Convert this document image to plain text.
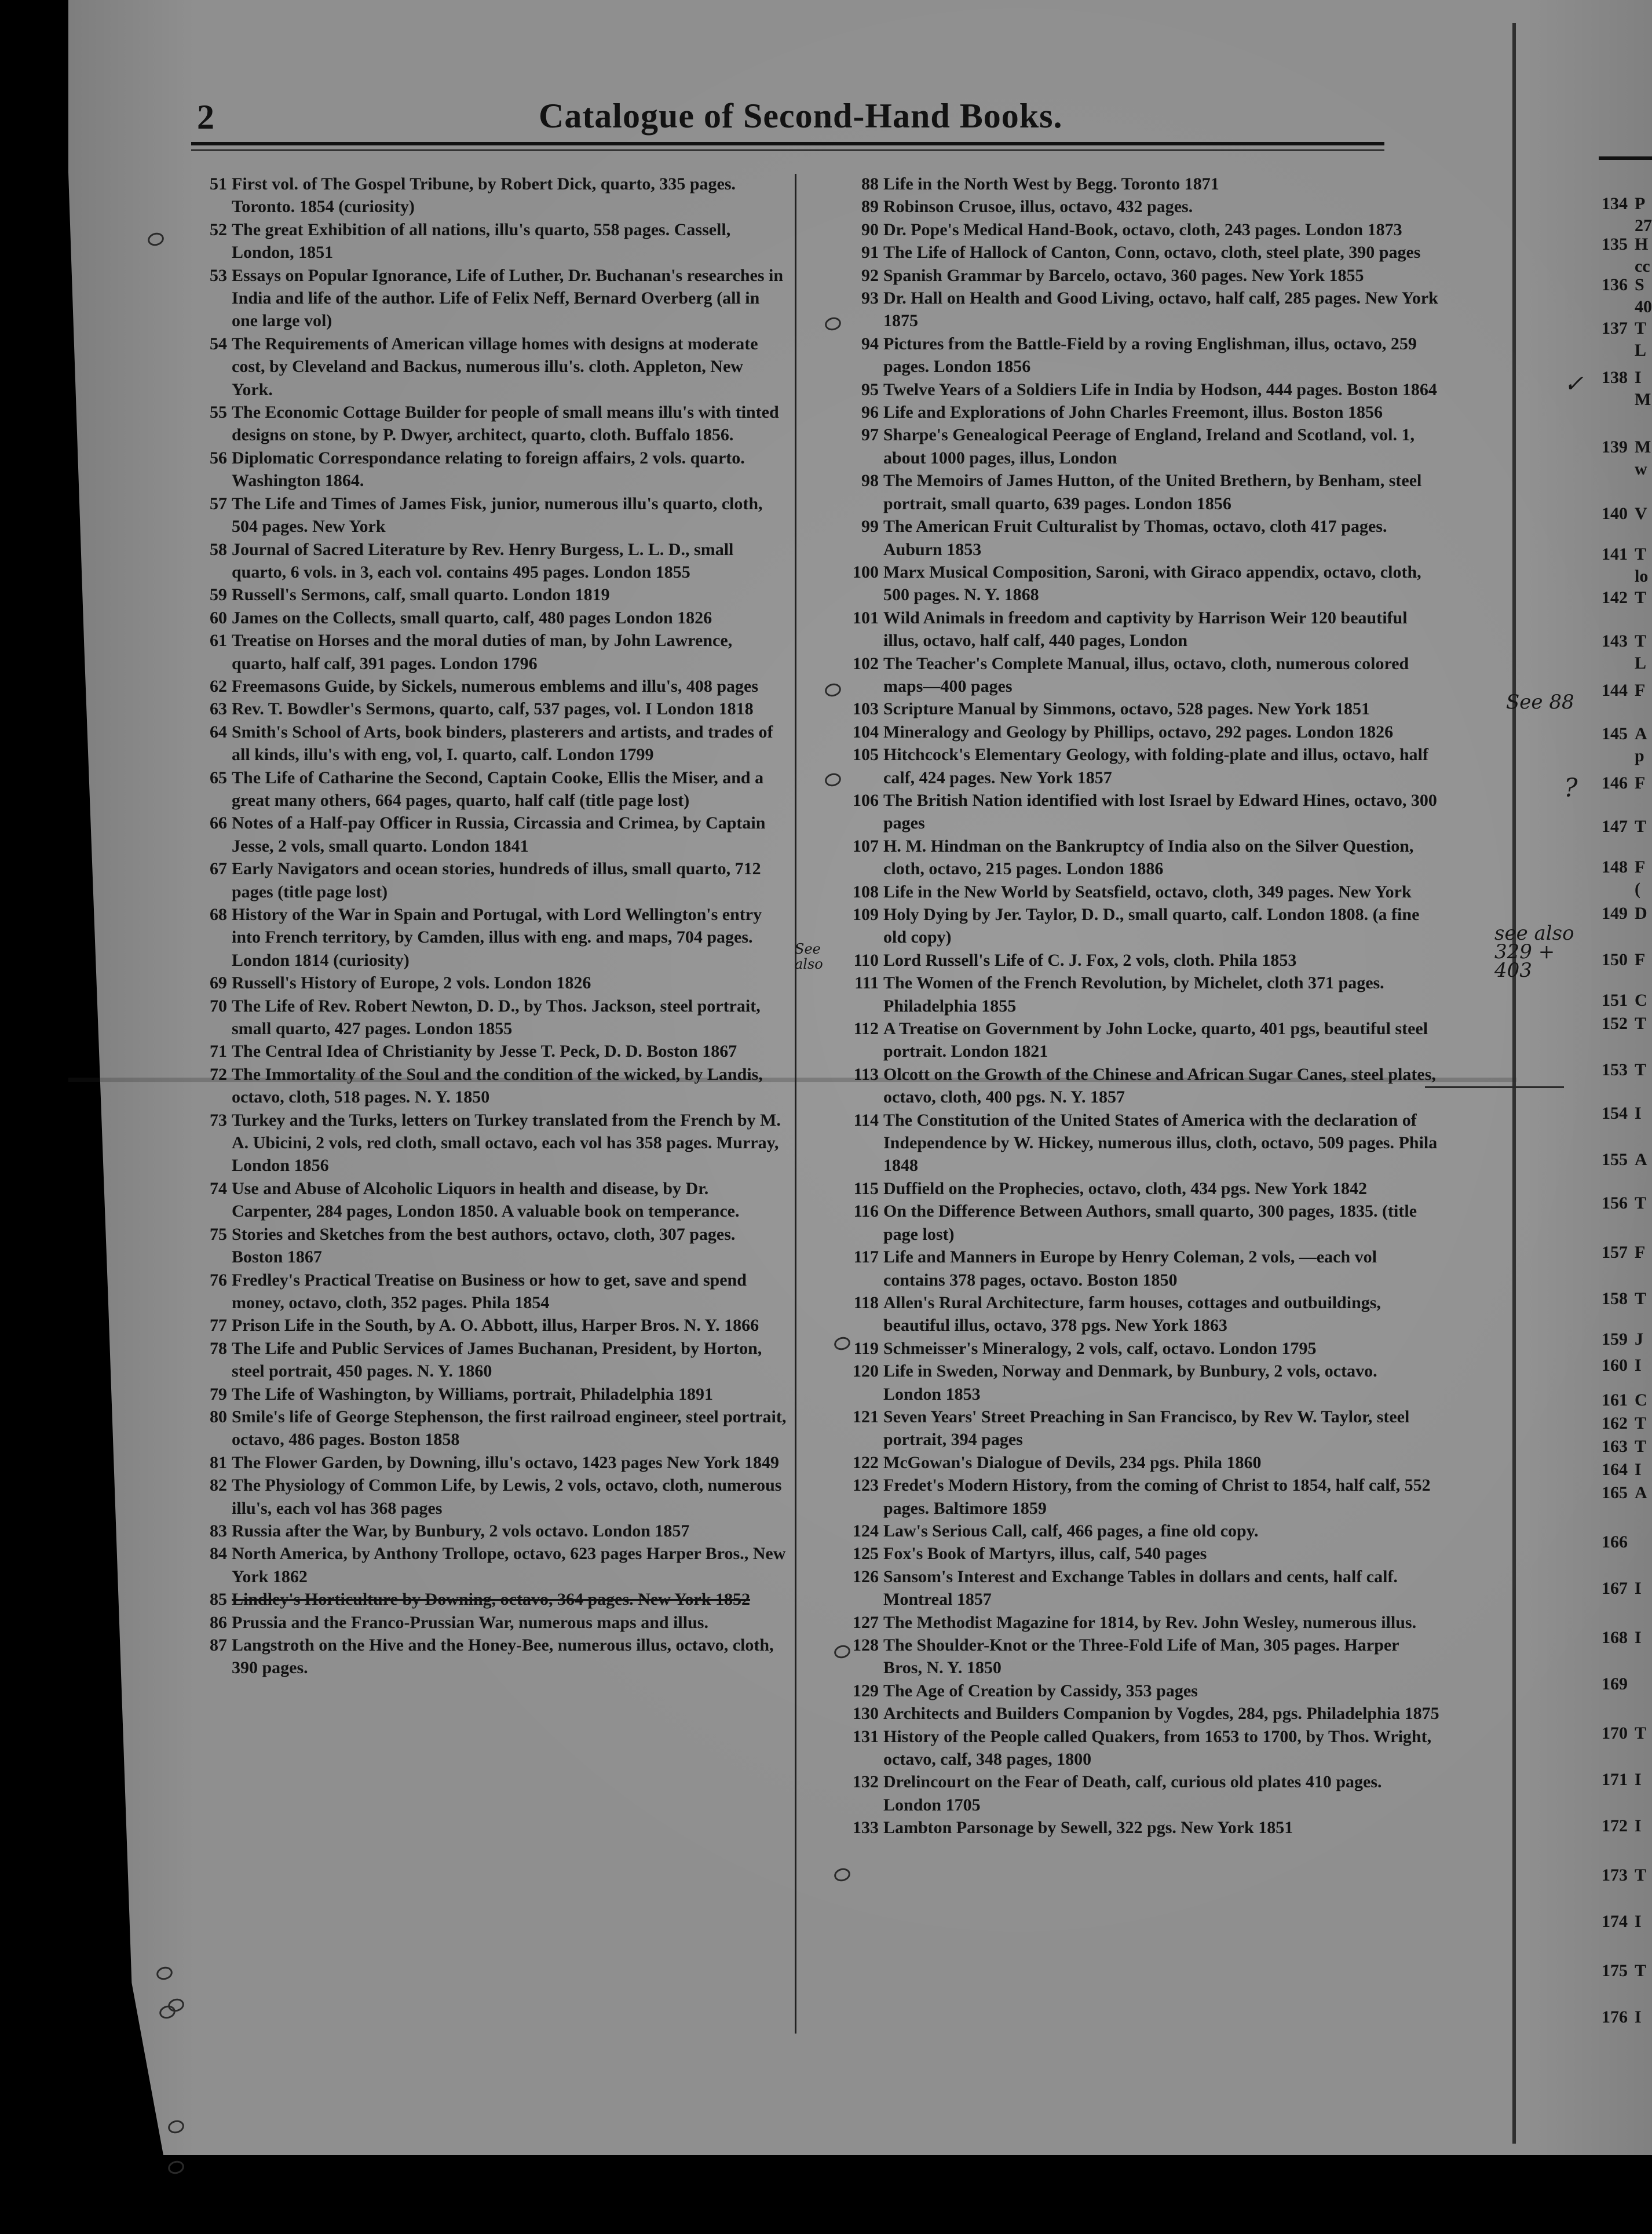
2	Catalogue of Second-Hand Books.
51 First vol. of The Gospel Tribune, by Robert Dick, quarto, 335 pages. Toronto. 1854 (curiosity)
52 The great Exhibition of all nations, illu's quarto, 558 pages. Cassell, London, 1851
53 Essays on Popular Ignorance, Life of Luther, Dr. Buchanan's researches in India and life of the author. Life of Felix Neff, Bernard Overberg (all in one large vol)
54 The Requirements of American village homes with designs at moderate cost, by Cleveland and Backus, numerous illu's. cloth. Appleton, New York.
55 The Economic Cottage Builder for people of small means illu's with tinted designs on stone, by P. Dwyer, architect, quarto, cloth. Buffalo 1856.
56 Diplomatic Correspondance relating to foreign affairs, 2 vols. quarto. Washington 1864.
57 The Life and Times of James Fisk, junior, numerous illu's quarto, cloth, 504 pages. New York
58 Journal of Sacred Literature by Rev. Henry Burgess, L. L. D., small quarto, 6 vols. in 3, each vol. contains 495 pages. London 1855
59 Russell's Sermons, calf, small quarto. London 1819
60 James on the Collects, small quarto, calf, 480 pages London 1826
61 Treatise on Horses and the moral duties of man, by John Lawrence, quarto, half calf, 391 pages. London 1796
62 Freemasons Guide, by Sickels, numerous emblems and illu's, 408 pages
63 Rev. T. Bowdler's Sermons, quarto, calf, 537 pages, vol. I London 1818
64 Smith's School of Arts, book binders, plasterers and artists, and trades of all kinds, illu's with eng, vol, I. quarto, calf. London 1799
65 The Life of Catharine the Second, Captain Cooke, Ellis the Miser, and a great many others, 664 pages, quarto, half calf (title page lost)
66 Notes of a Half-pay Officer in Russia, Circassia and Crimea, by Captain Jesse, 2 vols, small quarto. London 1841
67 Early Navigators and ocean stories, hundreds of illus, small quarto, 712 pages (title page lost)
68 History of the War in Spain and Portugal, with Lord Wellington's entry into French territory, by Camden, illus with eng. and maps, 704 pages. London 1814 (curiosity)
69 Russell's History of Europe, 2 vols. London 1826
70 The Life of Rev. Robert Newton, D. D., by Thos. Jackson, steel portrait, small quarto, 427 pages. London 1855
71 The Central Idea of Christianity by Jesse T. Peck, D. D. Boston 1867
72 The Immortality of the Soul and the condition of the wicked, by Landis, octavo, cloth, 518 pages. N. Y. 1850
73 Turkey and the Turks, letters on Turkey translated from the French by M. A. Ubicini, 2 vols, red cloth, small octavo, each vol has 358 pages. Murray, London 1856
74 Use and Abuse of Alcoholic Liquors in health and disease, by Dr. Carpenter, 284 pages, London 1850. A valuable book on temperance.
75 Stories and Sketches from the best authors, octavo, cloth, 307 pages. Boston 1867
76 Fredley's Practical Treatise on Business or how to get, save and spend money, octavo, cloth, 352 pages. Phila 1854
77 Prison Life in the South, by A. O. Abbott, illus, Harper Bros. N. Y. 1866
78 The Life and Public Services of James Buchanan, President, by Horton, steel portrait, 450 pages. N. Y. 1860
79 The Life of Washington, by Williams, portrait, Philadelphia 1891
80 Smile's life of George Stephenson, the first railroad engineer, steel portrait, octavo, 486 pages. Boston 1858
81 The Flower Garden, by Downing, illu's octavo, 1423 pages New York 1849
82 The Physiology of Common Life, by Lewis, 2 vols, octavo, cloth, numerous illu's, each vol has 368 pages
83 Russia after the War, by Bunbury, 2 vols octavo. London 1857
84 North America, by Anthony Trollope, octavo, 623 pages Harper Bros., New York 1862
85 Lindley's Horticulture by Downing, octavo, 364 pages. New York 1852
86 Prussia and the Franco-Prussian War, numerous maps and illus.
87 Langstroth on the Hive and the Honey-Bee, numerous illus, octavo, cloth, 390 pages.
88 Life in the North West by Begg. Toronto 1871
89 Robinson Crusoe, illus, octavo, 432 pages.
90 Dr. Pope's Medical Hand-Book, octavo, cloth, 243 pages. London 1873
91 The Life of Hallock of Canton, Conn, octavo, cloth, steel plate, 390 pages
92 Spanish Grammar by Barcelo, octavo, 360 pages. New York 1855
93 Dr. Hall on Health and Good Living, octavo, half calf, 285 pages. New York 1875
94 Pictures from the Battle-Field by a roving Englishman, illus, octavo, 259 pages. London 1856
95 Twelve Years of a Soldiers Life in India by Hodson, 444 pages. Boston 1864
96 Life and Explorations of John Charles Freemont, illus. Boston 1856
97 Sharpe's Genealogical Peerage of England, Ireland and Scotland, vol. 1, about 1000 pages, illus, London
98 The Memoirs of James Hutton, of the United Brethern, by Benham, steel portrait, small quarto, 639 pages. London 1856
99 The American Fruit Culturalist by Thomas, octavo, cloth 417 pages. Auburn 1853
100 Marx Musical Composition, Saroni, with Giraco appendix, octavo, cloth, 500 pages. N. Y. 1868
101 Wild Animals in freedom and captivity by Harrison Weir 120 beautiful illus, octavo, half calf, 440 pages, London
102 The Teacher's Complete Manual, illus, octavo, cloth, numerous colored maps—400 pages
103 Scripture Manual by Simmons, octavo, 528 pages. New York 1851
104 Mineralogy and Geology by Phillips, octavo, 292 pages. London 1826
105 Hitchcock's Elementary Geology, with folding-plate and illus, octavo, half calf, 424 pages. New York 1857
106 The British Nation identified with lost Israel by Edward Hines, octavo, 300 pages
107 H. M. Hindman on the Bankruptcy of India also on the Silver Question, cloth, octavo, 215 pages. London 1886
108 Life in the New World by Seatsfield, octavo, cloth, 349 pages. New York
109 Holy Dying by Jer. Taylor, D. D., small quarto, calf. London 1808. (a fine old copy)
110 Lord Russell's Life of C. J. Fox, 2 vols, cloth. Phila 1853
111 The Women of the French Revolution, by Michelet, cloth 371 pages. Philadelphia 1855
112 A Treatise on Government by John Locke, quarto, 401 pgs, beautiful steel portrait. London 1821
113 Olcott on the Growth of the Chinese and African Sugar Canes, steel plates, octavo, cloth, 400 pgs. N. Y. 1857
114 The Constitution of the United States of America with the declaration of Independence by W. Hickey, numerous illus, cloth, octavo, 509 pages. Phila 1848
115 Duffield on the Prophecies, octavo, cloth, 434 pgs. New York 1842
116 On the Difference Between Authors, small quarto, 300 pages, 1835. (title page lost)
117 Life and Manners in Europe by Henry Coleman, 2 vols, —each vol contains 378 pages, octavo. Boston 1850
118 Allen's Rural Architecture, farm houses, cottages and outbuildings, beautiful illus, octavo, 378 pgs. New York 1863
119 Schmeisser's Mineralogy, 2 vols, calf, octavo. London 1795
120 Life in Sweden, Norway and Denmark, by Bunbury, 2 vols, octavo. London 1853
121 Seven Years' Street Preaching in San Francisco, by Rev W. Taylor, steel portrait, 394 pages
122 McGowan's Dialogue of Devils, 234 pgs. Phila 1860
123 Fredet's Modern History, from the coming of Christ to 1854, half calf, 552 pages. Baltimore 1859
124 Law's Serious Call, calf, 466 pages, a fine old copy.
125 Fox's Book of Martyrs, illus, calf, 540 pages
126 Sansom's Interest and Exchange Tables in dollars and cents, half calf. Montreal 1857
127 The Methodist Magazine for 1814, by Rev. John Wesley, numerous illus.
128 The Shoulder-Knot or the Three-Fold Life of Man, 305 pages. Harper Bros, N. Y. 1850
129 The Age of Creation by Cassidy, 353 pages
130 Architects and Builders Companion by Vogdes, 284, pgs. Philadelphia 1875
131 History of the People called Quakers, from 1653 to 1700, by Thos. Wright, octavo, calf, 348 pages, 1800
132 Drelincourt on the Fear of Death, calf, curious old plates 410 pages. London 1705
133 Lambton Parsonage by Sewell, 322 pgs. New York 1851
134 P
27
135 H
cc
136 S
40
137 T
L
138 I
M
139 M
w
140 V
141 T
lo
142 T
143 T
L
144 F
145 A
p
146 F
147 T
148 F
(
149 D
150 F
151 C
152 T
153 T
154 I
155 A
156 T
157 F
158 T
159 J
160 I
161 C
162 T
163 T
164 I
165 A
166
167 I
168 I
169
170 T
171 I
172 I
173 T
174 I
175 T
176 I
See 88
?
see also 329 + 403
See also
✓
